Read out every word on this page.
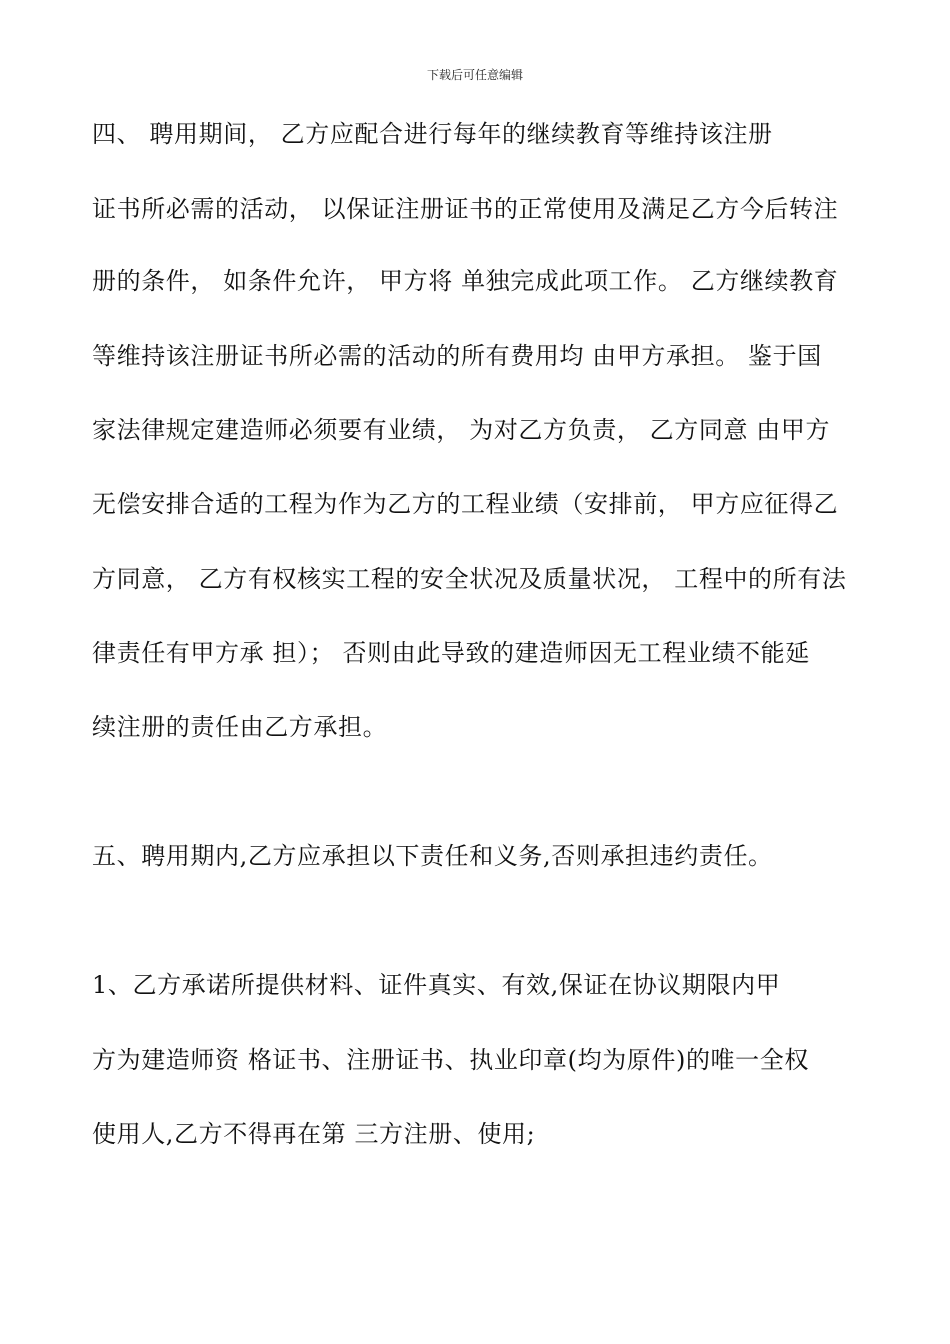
下载后可任意编辑
四、 聘用期间， 乙方应配合进行每年的继续教育等维持该注册
证书所必需的活动， 以保证注册证书的正常使用及满足乙方今后转注
册的条件， 如条件允许， 甲方将 单独完成此项工作。 乙方继续教育
等维持该注册证书所必需的活动的所有费用均 由甲方承担。 鉴于国
家法律规定建造师必须要有业绩， 为对乙方负责， 乙方同意 由甲方
无偿安排合适的工程为作为乙方的工程业绩（安排前， 甲方应征得乙
方同意， 乙方有权核实工程的安全状况及质量状况， 工程中的所有法
律责任有甲方承 担）； 否则由此导致的建造师因无工程业绩不能延
续注册的责任由乙方承担。
五、聘用期内,乙方应承担以下责任和义务,否则承担违约责任。
1、乙方承诺所提供材料、证件真实、有效,保证在协议期限内甲
方为建造师资 格证书、注册证书、执业印章(均为原件)的唯一全权
使用人,乙方不得再在第 三方注册、使用;
